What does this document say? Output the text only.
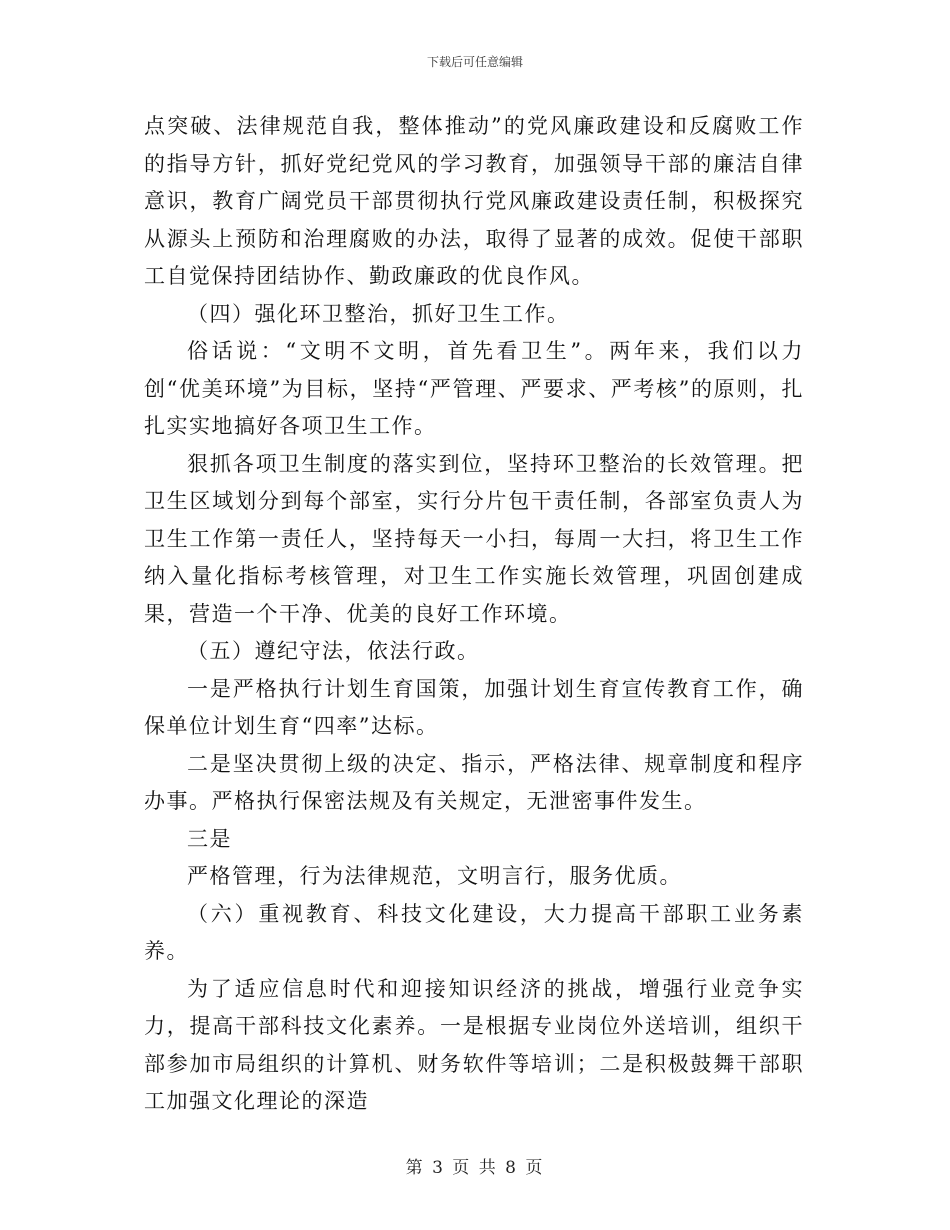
下载后可任意编辑

点突破、法律规范自我，整体推动”的党风廉政建设和反腐败工作的指导方针，抓好党纪党风的学习教育，加强领导干部的廉洁自律意识，教育广阔党员干部贯彻执行党风廉政建设责任制，积极探究从源头上预防和治理腐败的办法，取得了显著的成效。促使干部职工自觉保持团结协作、勤政廉政的优良作风。

（四）强化环卫整治，抓好卫生工作。

俗话说：“文明不文明，首先看卫生”。两年来，我们以力创“优美环境”为目标，坚持“严管理、严要求、严考核”的原则，扎扎实实地搞好各项卫生工作。

狠抓各项卫生制度的落实到位，坚持环卫整治的长效管理。把卫生区域划分到每个部室，实行分片包干责任制，各部室负责人为卫生工作第一责任人，坚持每天一小扫，每周一大扫，将卫生工作纳入量化指标考核管理，对卫生工作实施长效管理，巩固创建成果，营造一个干净、优美的良好工作环境。

（五）遵纪守法，依法行政。

一是严格执行计划生育国策，加强计划生育宣传教育工作，确保单位计划生育“四率”达标。

二是坚决贯彻上级的决定、指示，严格法律、规章制度和程序办事。严格执行保密法规及有关规定，无泄密事件发生。

三是

严格管理，行为法律规范，文明言行，服务优质。

（六）重视教育、科技文化建设，大力提高干部职工业务素养。

为了适应信息时代和迎接知识经济的挑战，增强行业竞争实力，提高干部科技文化素养。一是根据专业岗位外送培训，组织干部参加市局组织的计算机、财务软件等培训；二是积极鼓舞干部职工加强文化理论的深造

第 3 页 共 8 页
